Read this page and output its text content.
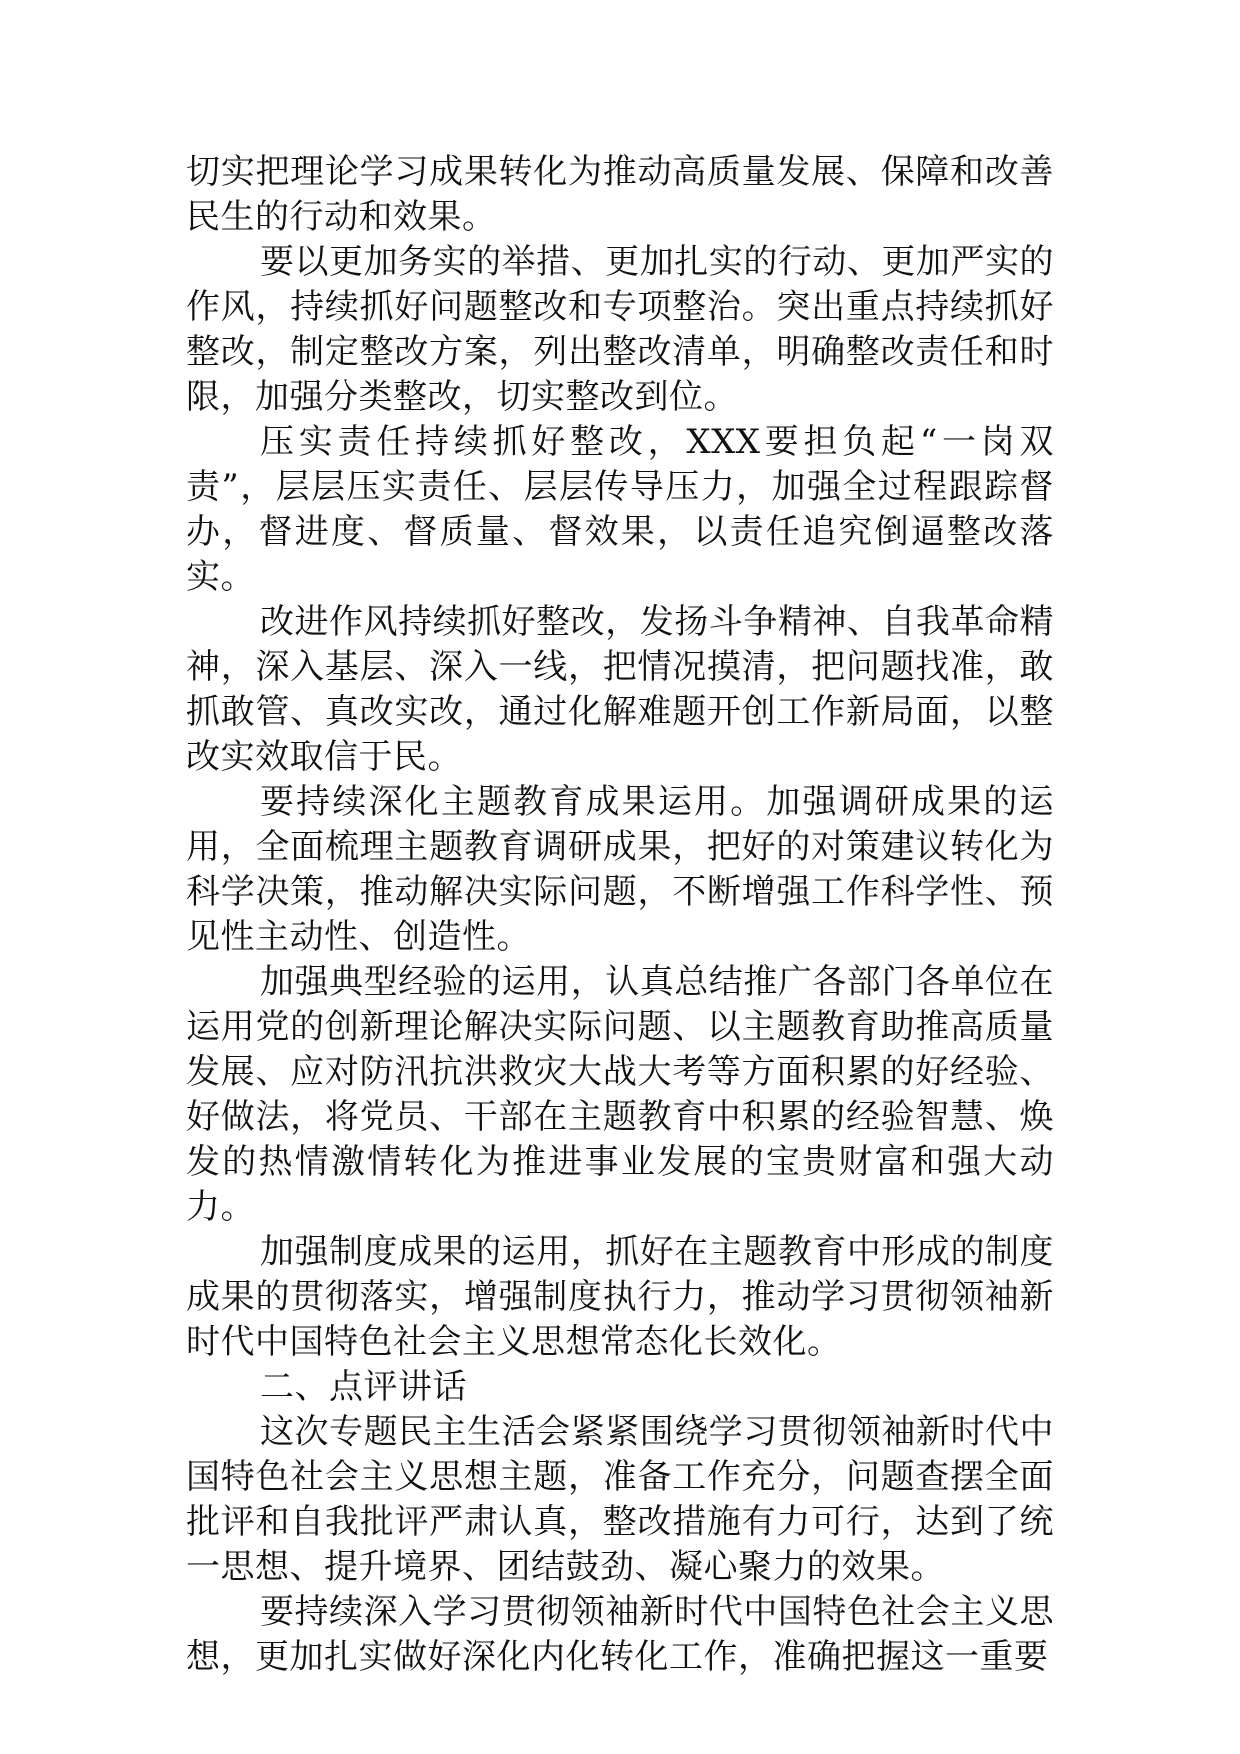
切实把理论学习成果转化为推动高质量发展、保障和改善民生的行动和效果。

要以更加务实的举措、更加扎实的行动、更加严实的作风，持续抓好问题整改和专项整治。突出重点持续抓好整改，制定整改方案，列出整改清单，明确整改责任和时限，加强分类整改，切实整改到位。

压实责任持续抓好整改，XXX要担负起“一岗双责”，层层压实责任、层层传导压力，加强全过程跟踪督办，督进度、督质量、督效果，以责任追究倒逼整改落实。

改进作风持续抓好整改，发扬斗争精神、自我革命精神，深入基层、深入一线，把情况摸清，把问题找准，敢抓敢管、真改实改，通过化解难题开创工作新局面，以整改实效取信于民。

要持续深化主题教育成果运用。加强调研成果的运用，全面梳理主题教育调研成果，把好的对策建议转化为科学决策，推动解决实际问题，不断增强工作科学性、预见性主动性、创造性。

加强典型经验的运用，认真总结推广各部门各单位在运用党的创新理论解决实际问题、以主题教育助推高质量发展、应对防汛抗洪救灾大战大考等方面积累的好经验、好做法，将党员、干部在主题教育中积累的经验智慧、焕发的热情激情转化为推进事业发展的宝贵财富和强大动力。

加强制度成果的运用，抓好在主题教育中形成的制度成果的贯彻落实，增强制度执行力，推动学习贯彻领袖新时代中国特色社会主义思想常态化长效化。

二、点评讲话

这次专题民主生活会紧紧围绕学习贯彻领袖新时代中国特色社会主义思想主题，准备工作充分，问题查摆全面批评和自我批评严肃认真，整改措施有力可行，达到了统一思想、提升境界、团结鼓劲、凝心聚力的效果。

要持续深入学习贯彻领袖新时代中国特色社会主义思想，更加扎实做好深化内化转化工作，准确把握这一重要
